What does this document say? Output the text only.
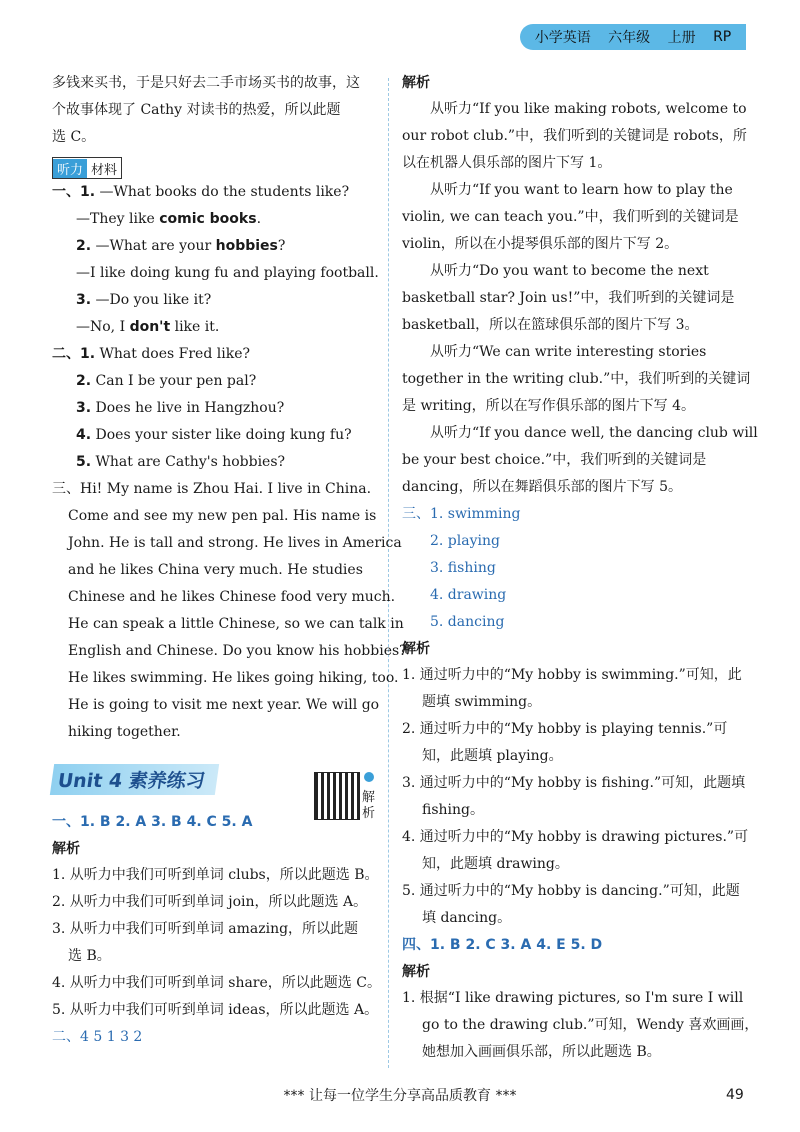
小学英语 六年级 上册 RP
多钱来买书，于是只好去二手市场买书的故事，这
个故事体现了 Cathy 对读书的热爱，所以此题
选 C。
听力 材料
一、1. —What books do the students like?
—They like comic books.
2. —What are your hobbies?
—I like doing kung fu and playing football.
3. —Do you like it?
—No, I don't like it.
二、1. What does Fred like?
2. Can I be your pen pal?
3. Does he live in Hangzhou?
4. Does your sister like doing kung fu?
5. What are Cathy's hobbies?
三、Hi! My name is Zhou Hai. I live in China.
Come and see my new pen pal. His name is
John. He is tall and strong. He lives in America
and he likes China very much. He studies
Chinese and he likes Chinese food very much.
He can speak a little Chinese, so we can talk in
English and Chinese. Do you know his hobbies?
He likes swimming. He likes going hiking, too.
He is going to visit me next year. We will go
hiking together.
Unit 4 素养练习
一、1. B 2. A 3. B 4. C 5. A
解析
1. 从听力中我们可听到单词 clubs，所以此题选 B。
2. 从听力中我们可听到单词 join，所以此题选 A。
3. 从听力中我们可听到单词 amazing，所以此题
选 B。
4. 从听力中我们可听到单词 share，所以此题选 C。
5. 从听力中我们可听到单词 ideas，所以此题选 A。
二、4 5 1 3 2
解析
解析
从听力“If you like making robots, welcome to
our robot club.”中，我们听到的关键词是 robots，所
以在机器人俱乐部的图片下写 1。
从听力“If you want to learn how to play the
violin, we can teach you.”中，我们听到的关键词是
violin，所以在小提琴俱乐部的图片下写 2。
从听力“Do you want to become the next
basketball star? Join us!”中，我们听到的关键词是
basketball，所以在篮球俱乐部的图片下写 3。
从听力“We can write interesting stories
together in the writing club.”中，我们听到的关键词
是 writing，所以在写作俱乐部的图片下写 4。
从听力“If you dance well, the dancing club will
be your best choice.”中，我们听到的关键词是
dancing，所以在舞蹈俱乐部的图片下写 5。
三、1. swimming
2. playing
3. fishing
4. drawing
5. dancing
解析
1. 通过听力中的“My hobby is swimming.”可知，此
题填 swimming。
2. 通过听力中的“My hobby is playing tennis.”可
知，此题填 playing。
3. 通过听力中的“My hobby is fishing.”可知，此题填
fishing。
4. 通过听力中的“My hobby is drawing pictures.”可
知，此题填 drawing。
5. 通过听力中的“My hobby is dancing.”可知，此题
填 dancing。
四、1. B 2. C 3. A 4. E 5. D
解析
1. 根据“I like drawing pictures, so I'm sure I will
go to the drawing club.”可知，Wendy 喜欢画画，
她想加入画画俱乐部，所以此题选 B。
*** 让每一位学生分享高品质教育 ***	49
